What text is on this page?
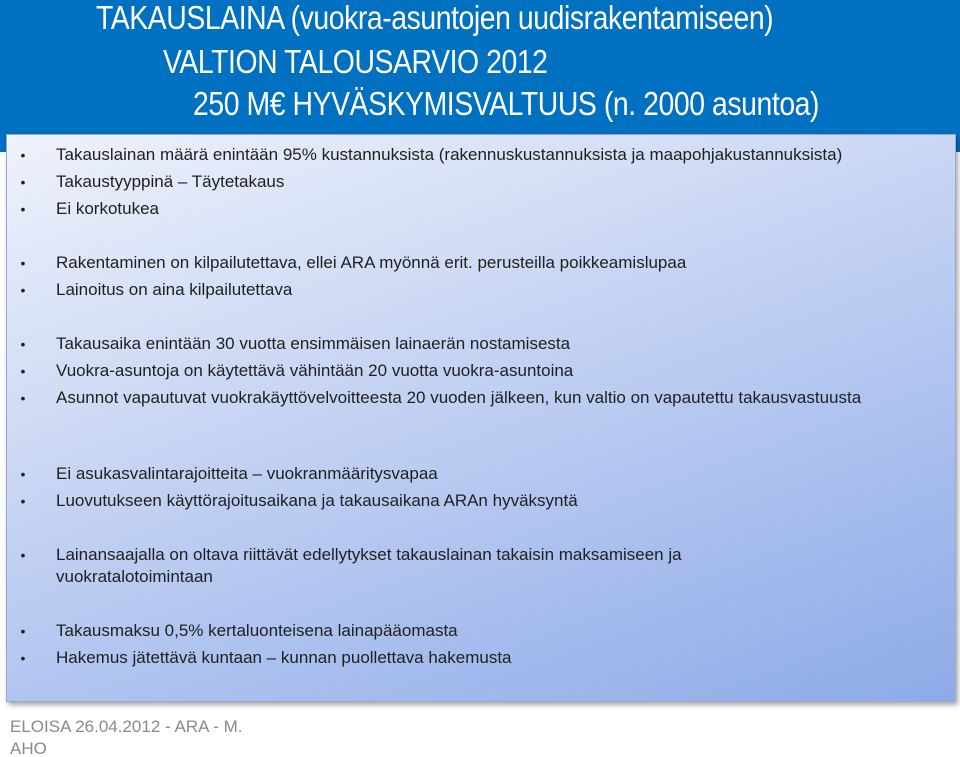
TAKAUSLAINA (vuokra-asuntojen uudisrakentamiseen)
VALTION TALOUSARVIO 2012
250 M€ HYVÄSKYMISVALTUUS (n. 2000 asuntoa)
• Takauslainan määrä enintään 95% kustannuksista (rakennuskustannuksista ja maapohjakustannuksista)
• Takaustyyppinä – Täytetakaus
• Ei korkotukea
• Rakentaminen on kilpailutettava, ellei ARA myönnä erit. perusteilla poikkeamislupaa
• Lainoitus on aina kilpailutettava
• Takausaika enintään 30 vuotta ensimmäisen lainaerän nostamisesta
• Vuokra-asuntoja on käytettävä vähintään 20 vuotta vuokra-asuntoina
• Asunnot vapautuvat vuokrakäyttövelvoitteesta 20 vuoden jälkeen, kun valtio on vapautettu takausvastuusta
• Ei asukasvalintarajoitteita – vuokranmääritysvapaa
• Luovutukseen käyttörajoitusaikana ja takausaikana ARAn hyväksyntä
• Lainansaajalla on oltava riittävät edellytykset takauslainan takaisin maksamiseen ja vuokratalotoimintaan
• Takausmaksu 0,5% kertaluonteisena lainapääomasta
• Hakemus jätettävä kuntaan – kunnan puollettava hakemusta
ELOISA 26.04.2012 - ARA - M. AHO
